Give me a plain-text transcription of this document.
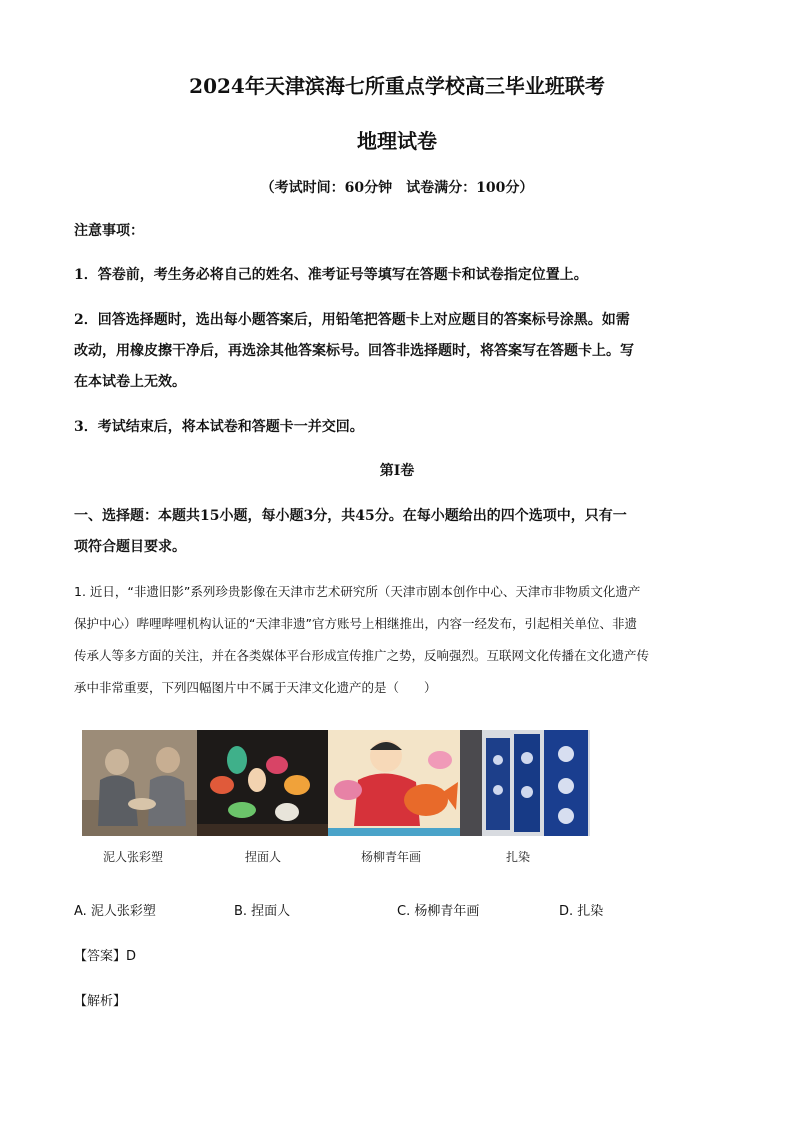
2024年天津滨海七所重点学校高三毕业班联考
地理试卷
（考试时间：60分钟　试卷满分：100分）
注意事项：
1．答卷前，考生务必将自己的姓名、准考证号等填写在答题卡和试卷指定位置上。
2．回答选择题时，选出每小题答案后，用铅笔把答题卡上对应题目的答案标号涂黑。如需
改动，用橡皮擦干净后，再选涂其他答案标号。回答非选择题时，将答案写在答题卡上。写
在本试卷上无效。
3．考试结束后，将本试卷和答题卡一并交回。
第Ⅰ卷
一、选择题：本题共15小题，每小题3分，共45分。在每小题给出的四个选项中，只有一
项符合题目要求。
1. 近日，“非遗旧影”系列珍贵影像在天津市艺术研究所（天津市剧本创作中心、天津市非物质文化遗产
保护中心）哔哩哔哩机构认证的“天津非遗”官方账号上相继推出，内容一经发布，引起相关单位、非遗
传承人等多方面的关注，并在各类媒体平台形成宣传推广之势，反响强烈。互联网文化传播在文化遗产传
承中非常重要，下列四幅图片中不属于天津文化遗产的是（　　）
泥人张彩塑	捏面人	杨柳青年画	扎染
A. 泥人张彩塑	B. 捏面人	C. 杨柳青年画	D. 扎染
【答案】D
【解析】
